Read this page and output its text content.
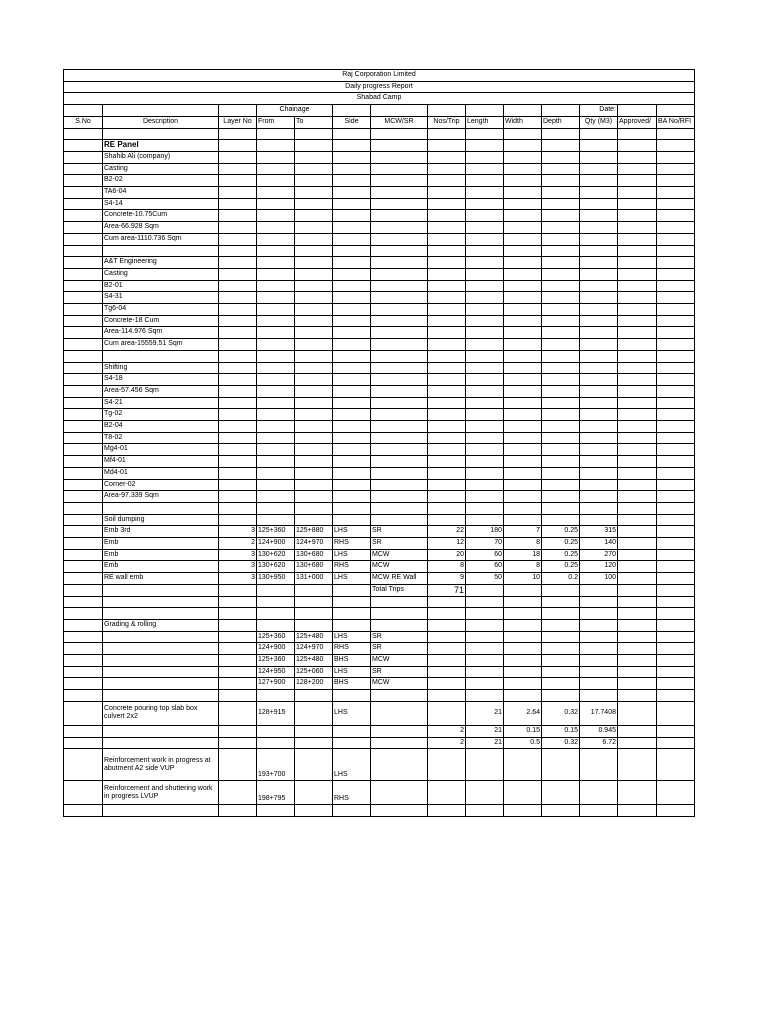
Raj Corporation Limited													
Daily progress Report													
Shabad Camp													
			Chainage								Date:		
S.No	Description	Layer No	From	To	Side	MCW/SR	Nos/Trip	Length	Width	Depth	Qty (M3)	Approved/	BA No/RFI

	RE Panel												
	Shahib Ali (company)												
	Casting												
	B2-02												
	TA6-04												
	S4-14												
	Concrete-10.75Cum												
	Area-66.928 Sqm												
	Cum area-1110.736 Sqm												

	A&T Engineering												
	Casting												
	B2-01												
	S4-31												
	Tg6-04												
	Concrete-18 Cum												
	Area-114.976 Sqm												
	Cum area-15559.51 Sqm												

	Shifting												
	S4-18												
	Area-57.456 Sqm												
	S4-21												
	Tg-02												
	B2-04												
	T8-02												
	Mg4-01												
	Mf4-01												
	Md4-01												
	Corner-02												
	Area-97.339 Sqm												

	Soil dumping												
	Emb 3rd	3	125+360	125+880	LHS	SR	22	180	7	0.25	315		
	Emb	2	124+900	124+970	RHS	SR	12	70	8	0.25	140		
	Emb	3	130+620	130+680	LHS	MCW	20	60	18	0.25	270		
	Emb	3	130+620	130+680	RHS	MCW	8	60	8	0.25	120		
	RE wall emb	3	130+950	131+000	LHS	MCW RE Wall	9	50	10	0.2	100		
						Total Trips	71						

	Grading & rolling												
			125+360	125+480	LHS	SR							
			124+900	124+970	RHS	SR							
			125+360	125+480	BHS	MCW							
			124+950	125+060	LHS	SR							
			127+900	128+200	BHS	MCW							

	Concrete pouring top slab box culvert 2x2		128+915		LHS			21	2.64	0.32	17.7408		
							2	21	0.15	0.15	0.945		
							2	21	0.5	0.32	6.72		
	Reinforcement work in progress at abutment A2 side VUP		193+700		LHS								
	Reinforcement and shuttering work in progress LVUP		198+795		RHS								
